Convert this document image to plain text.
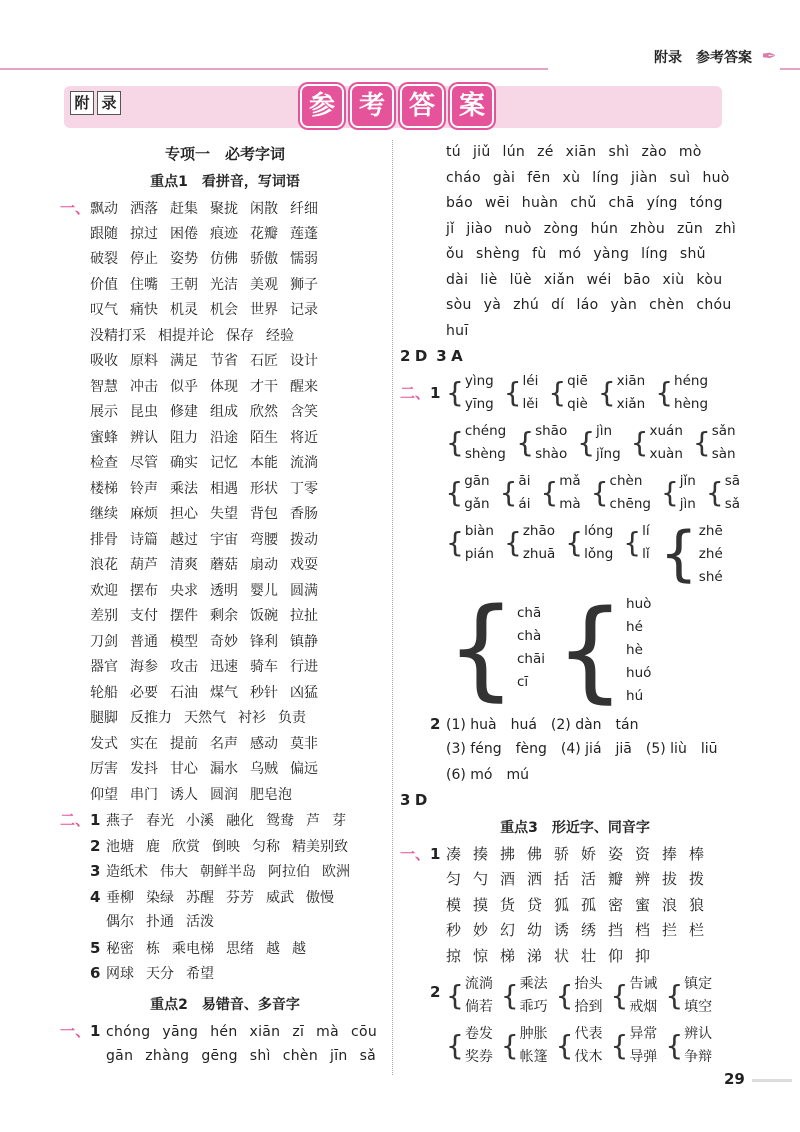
附录 参考答案 ✒
附 录	参 考 答 案
专项一　必考字词
重点1　看拼音，写词语
一、飘动 洒落 赶集 聚拢 闲散 纤细
跟随 掠过 困倦 痕迹 花瓣 莲蓬
破裂 停止 姿势 仿佛 骄傲 懦弱
价值 住嘴 王朝 光洁 美观 狮子
叹气 痛快 机灵 机会 世界 记录
没精打采 相提并论 保存 经验
吸收 原料 满足 节省 石匠 设计
智慧 冲击 似乎 体现 才干 醒来
展示 昆虫 修建 组成 欣然 含笑
蜜蜂 辨认 阻力 沿途 陌生 将近
检查 尽管 确实 记忆 本能 流淌
楼梯 铃声 乘法 相遇 形状 丁零
继续 麻烦 担心 失望 背包 香肠
排骨 诗篇 越过 宇宙 弯腰 拨动
浪花 葫芦 清爽 蘑菇 扇动 戏耍
欢迎 摆布 央求 透明 婴儿 圆满
差别 支付 摆件 剩余 饭碗 拉扯
刀剑 普通 模型 奇妙 锋利 镇静
器官 海参 攻击 迅速 骑车 行进
轮船 必要 石油 煤气 秒针 凶猛
腿脚 反推力 天然气 衬衫 负责
发式 实在 提前 名声 感动 莫非
厉害 发抖 甘心 漏水 乌贼 偏远
仰望 串门 诱人 圆润 肥皂泡
二、1 燕子 春光 小溪 融化 鸳鸯 芦 芽
2 池塘 鹿 欣赏 倒映 匀称 精美别致
3 造纸术 伟大 朝鲜半岛 阿拉伯 欧洲
4 垂柳 染绿 苏醒 芬芳 威武 傲慢
偶尔 扑通 活泼
5 秘密 栋 乘电梯 思绪 越 越
6 网球 天分 希望
重点2　易错音、多音字
一、1 chóng yāng hén xiān zī mà cōu
gān zhàng gēng shì chèn jīn sǎ
tú jiǔ lún zé xiān shì zào mò
cháo gài fēn xù líng jiàn suì huò
báo wēi huàn chǔ chā yíng tóng
jǐ jiào nuò zòng hún zhòu zūn zhì
ǒu shèng fù mó yàng líng shǔ
dài liè lüè xiǎn wéi bāo xiù kòu
sòu yà zhú dí láo yàn chèn chóu
huī
2 D 3 A
二、1 { yìng
yīng { léi
lěi { qiē
qiè { xiān
xiǎn { héng
hèng
{ chéng
shèng { shāo
shào { jìn
jǐng { xuán
xuàn { sǎn
sàn
{ gān
gǎn { āi
ái { mǎ
mà { chèn
chēng { jǐn
jìn { sā
sǎ
{ biàn
pián { zhāo
zhuā { lóng
lǒng { lí
lǐ { zhē
zhé
shé
{ chā
chà
chāi
cī { huò
hé
hè
huó
hú
2 (1) huà　huá　(2) dàn　tán
(3) féng　fèng　(4) jiá　jiā　(5) liù　liū
(6) mó　mú
3 D
重点3　形近字、同音字
一、1 凑 揍 拂 佛 骄 娇 姿 资 捧 棒
匀 勺 酒 洒 括 活 瓣 辨 拔 拨
模 摸 货 贷 狐 孤 密 蜜 浪 狼
秒 妙 幻 幼 诱 绣 挡 档 拦 栏
掠 惊 梯 涕 状 壮 仰 抑
2 { 流淌
倘若 { 乘法
乖巧 { 抬头
拾到 { 告诫
戒烟 { 镇定
填空
{ 卷发
奖券 { 肿胀
帐篷 { 代表
伐木 { 异常
导弹 { 辨认
争辩
29
